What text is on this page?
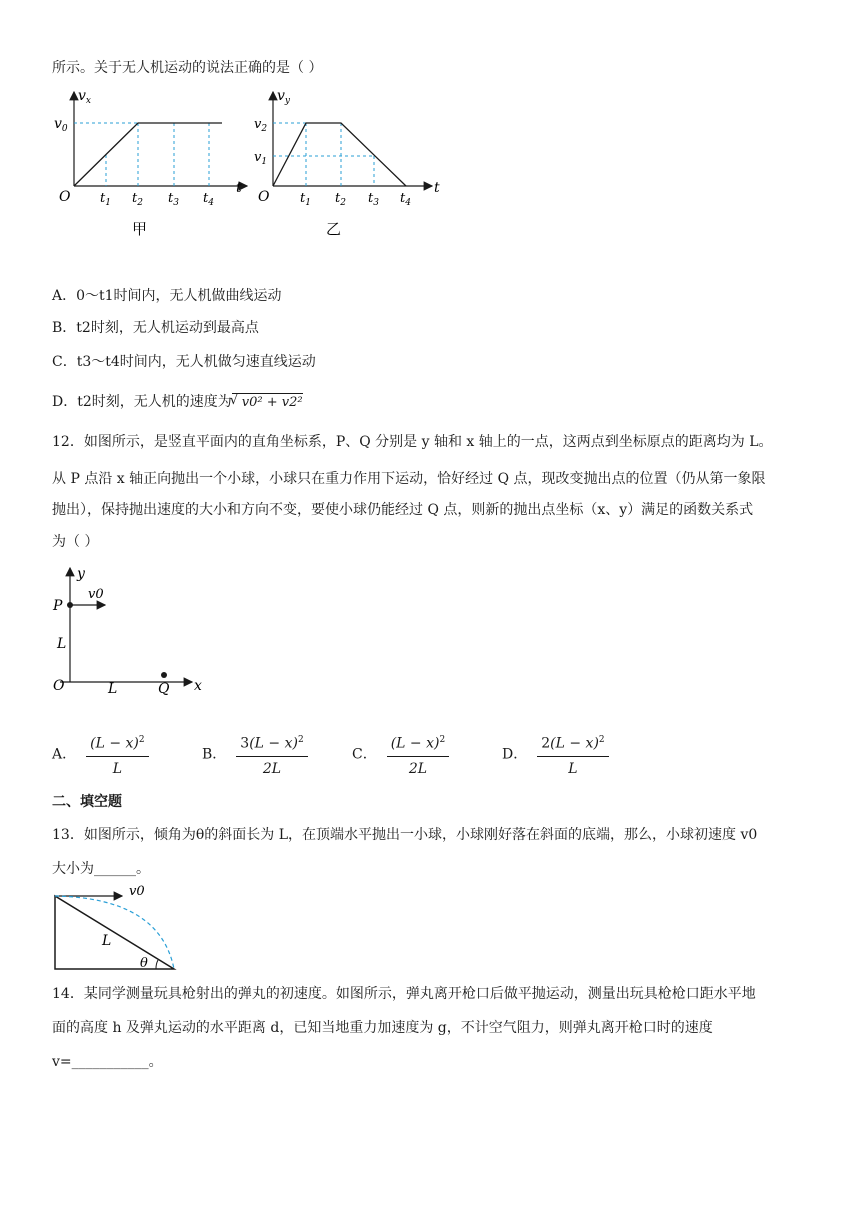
所示。关于无人机运动的说法正确的是（ ）
$v_x$
t
O
$v_0$
$t_1$ $t_2$ $t_3$ $t_4$
甲
$v_y$
t
O
$v_2$
$v_1$
$t_1$ $t_2$ $t_3$ $t_4$
乙
A．0～t1时间内，无人机做曲线运动
B．t2时刻，无人机运动到最高点
C．t3～t4时间内，无人机做匀速直线运动
D．t2时刻，无人机的速度为
√ v0² + v2²
12．如图所示，是竖直平面内的直角坐标系，P、Q 分别是 y 轴和 x 轴上的一点，这两点到坐标原点的距离均为 L。
从 P 点沿 x 轴正向抛出一个小球，小球只在重力作用下运动，恰好经过 Q 点，现改变抛出点的位置（仍从第一象限
抛出），保持抛出速度的大小和方向不变，要使小球仍能经过 Q 点，则新的抛出点坐标（x、y）满足的函数关系式
为（ ）
y
x
O
P
Q
v0
L
L
A． $\frac{(L - x)^2}{L}$	B． $\frac{3(L - x)^2}{2L}$	C． $\frac{(L - x)^2}{2L}$	D． $\frac{2(L - x)^2}{L}$
二、填空题
13．如图所示，倾角为θ的斜面长为 L，在顶端水平抛出一小球，小球刚好落在斜面的底端，那么，小球初速度 v0
大小为______。
v0
L
θ
14．某同学测量玩具枪射出的弹丸的初速度。如图所示，弹丸离开枪口后做平抛运动，测量出玩具枪枪口距水平地
面的高度 h 及弹丸运动的水平距离 d，已知当地重力加速度为 g，不计空气阻力，则弹丸离开枪口时的速度
v=___________。
